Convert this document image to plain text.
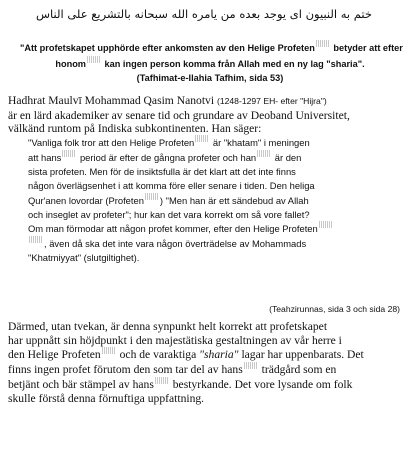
ختم به النبيون اى يوجد بعده من يامره الله سبحانه بالتشريع على الناس
"Att profetskapet upphörde efter ankomsten av den Helige Profeten betyder att efter
honom kan ingen person komma från Allah med en ny lag "sharia".
(Tafhimat-e-Ilahia Tafhim, sida 53)
Hadhrat Maulvī Mohammad Qasim Nanotvi (1248-1297 EH- efter "Hijra")
är en lärd akademiker av senare tid och grundare av Deoband Universitet,
välkänd runtom på Indiska subkontinenten. Han säger:
"Vanliga folk tror att den Helige Profeten är "khatam" i meningen
att hans period är efter de gångna profeter och han är den
sista profeten. Men för de insiktsfulla är det klart att det inte finns
någon överlägsenhet i att komma före eller senare i tiden. Den heliga
Qur'anen lovordar (Profeten ) "Men han är ett sändebud av Allah
och inseglet av profeter"; hur kan det vara korrekt om så vore fallet?
Om man förmodar att någon profet kommer, efter den Helige Profeten
, även då ska det inte vara någon överträdelse av Mohammads
"Khatmiyyat" (slutgiltighet).
(Teahzirunnas, sida 3 och sida 28)
Därmed, utan tvekan, är denna synpunkt helt korrekt att profetskapet
har uppnått sin höjdpunkt i den majestätiska gestaltningen av vår herre i
den Helige Profeten och de varaktiga "sharia" lagar har uppenbarats. Det
finns ingen profet förutom den som tar del av hans trädgård som en
betjänt och bär stämpel av hans bestyrkande. Det vore lysande om folk
skulle förstå denna förnuftiga uppfattning.
